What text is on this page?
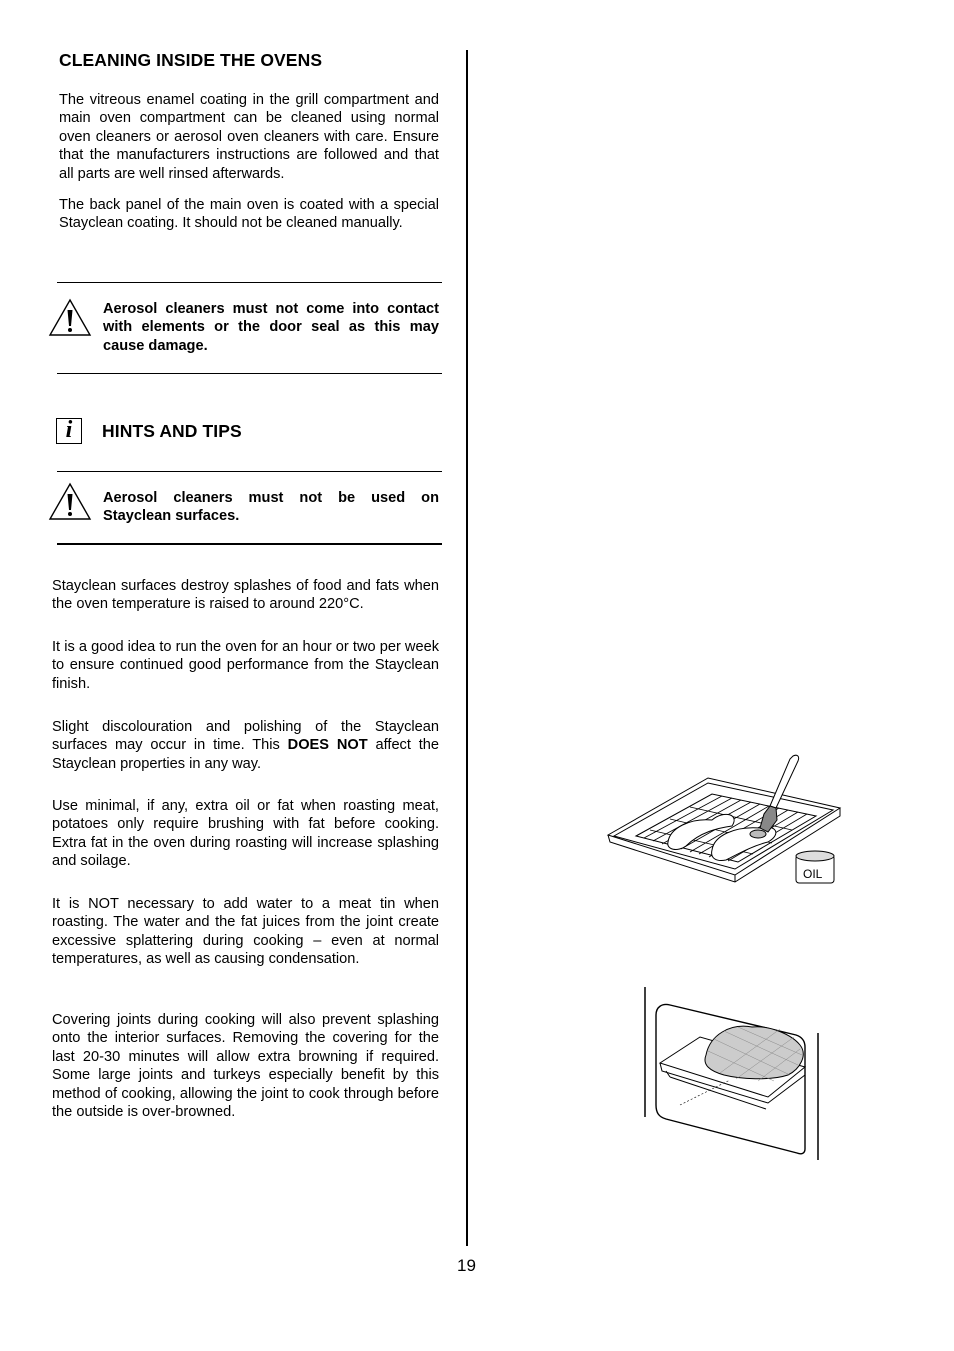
CLEANING INSIDE THE OVENS

The vitreous enamel coating in the grill compartment and main oven compartment can be cleaned using normal oven cleaners or aerosol oven cleaners with care. Ensure that the manufacturers instructions are followed and that all parts are well rinsed afterwards.

The back panel of the main oven is coated with a special Stayclean coating. It should not be cleaned manually.

Aerosol cleaners must not come into contact with elements or the door seal as this may cause damage.

i	HINTS AND TIPS

Aerosol cleaners must not be used on Stayclean surfaces.

Stayclean surfaces destroy splashes of food and fats when the oven temperature is raised to around 220°C.

It is a good idea to run the oven for an hour or two per week to ensure continued good performance from the Stayclean finish.

Slight discolouration and polishing of the Stayclean surfaces may occur in time. This DOES NOT affect the Stayclean properties in any way.

Use minimal, if any, extra oil or fat when roasting meat, potatoes only require brushing with fat before cooking. Extra fat in the oven during roasting will increase splashing and soilage.

It is NOT necessary to add water to a meat tin when roasting. The water and the fat juices from the joint create excessive splattering during cooking – even at normal temperatures, as well as causing condensation.

Covering joints during cooking will also prevent splashing onto the interior surfaces. Removing the covering for the last 20-30 minutes will allow extra browning if required. Some large joints and turkeys especially benefit by this method of cooking, allowing the joint to cook through before the outside is over-browned.

19
OIL
